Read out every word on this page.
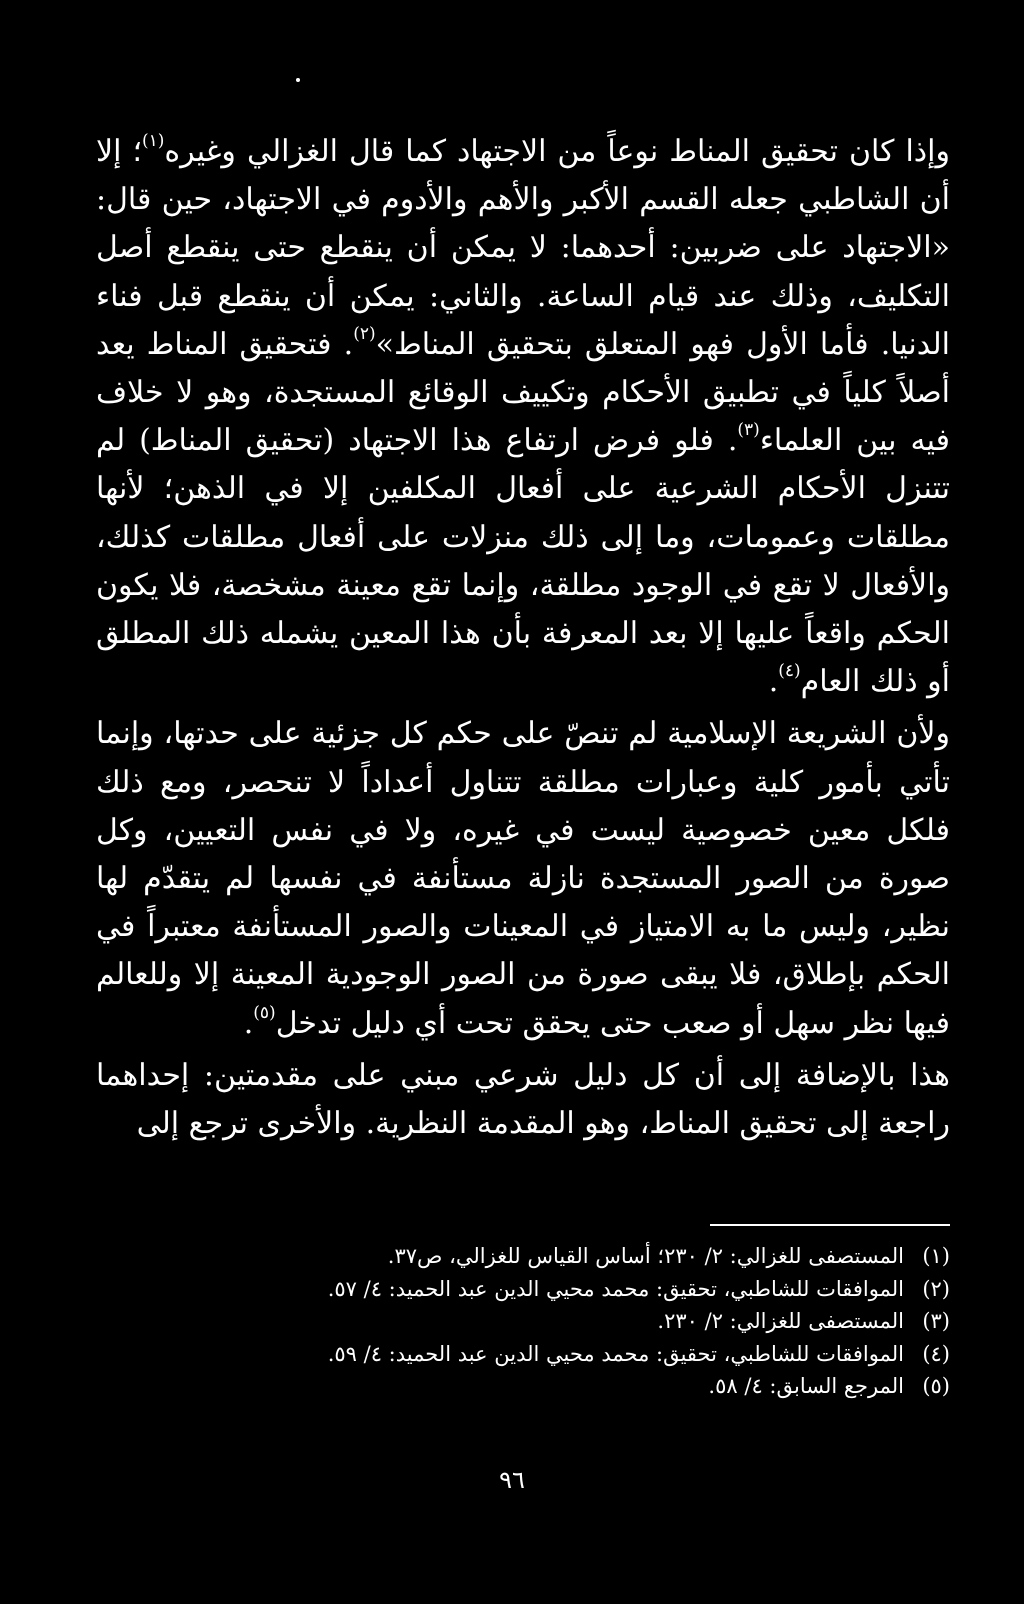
وإذا كان تحقيق المناط نوعاً من الاجتهاد كما قال الغزالي وغيره$^{(١)}$؛ إلا أن الشاطبي جعله القسم الأكبر والأهم والأدوم في الاجتهاد، حين قال: «الاجتهاد على ضربين: أحدهما: لا يمكن أن ينقطع حتى ينقطع أصل التكليف، وذلك عند قيام الساعة. والثاني: يمكن أن ينقطع قبل فناء الدنيا. فأما الأول فهو المتعلق بتحقيق المناط»$^{(٢)}$. فتحقيق المناط يعد أصلاً كلياً في تطبيق الأحكام وتكييف الوقائع المستجدة، وهو لا خلاف فيه بين العلماء$^{(٣)}$. فلو فرض ارتفاع هذا الاجتهاد (تحقيق المناط) لم تتنزل الأحكام الشرعية على أفعال المكلفين إلا في الذهن؛ لأنها مطلقات وعمومات، وما إلى ذلك منزلات على أفعال مطلقات كذلك، والأفعال لا تقع في الوجود مطلقة، وإنما تقع معينة مشخصة، فلا يكون الحكم واقعاً عليها إلا بعد المعرفة بأن هذا المعين يشمله ذلك المطلق أو ذلك العام$^{(٤)}$.

ولأن الشريعة الإسلامية لم تنصّ على حكم كل جزئية على حدتها، وإنما تأتي بأمور كلية وعبارات مطلقة تتناول أعداداً لا تنحصر، ومع ذلك فلكل معين خصوصية ليست في غيره، ولا في نفس التعيين، وكل صورة من الصور المستجدة نازلة مستأنفة في نفسها لم يتقدّم لها نظير، وليس ما به الامتياز في المعينات والصور المستأنفة معتبراً في الحكم بإطلاق، فلا يبقى صورة من الصور الوجودية المعينة إلا وللعالم فيها نظر سهل أو صعب حتى يحقق تحت أي دليل تدخل$^{(٥)}$.

هذا بالإضافة إلى أن كل دليل شرعي مبني على مقدمتين: إحداهما راجعة إلى تحقيق المناط، وهو المقدمة النظرية. والأخرى ترجع إلى

(١)
المستصفى للغزالي: ٢/ ٢٣٠؛ أساس القياس للغزالي، ص٣٧.
(٢)
الموافقات للشاطبي، تحقيق: محمد محيي الدين عبد الحميد: ٤/ ٥٧.
(٣)
المستصفى للغزالي: ٢/ ٢٣٠.
(٤)
الموافقات للشاطبي، تحقيق: محمد محيي الدين عبد الحميد: ٤/ ٥٩.
(٥)
المرجع السابق: ٤/ ٥٨.
٩٦
